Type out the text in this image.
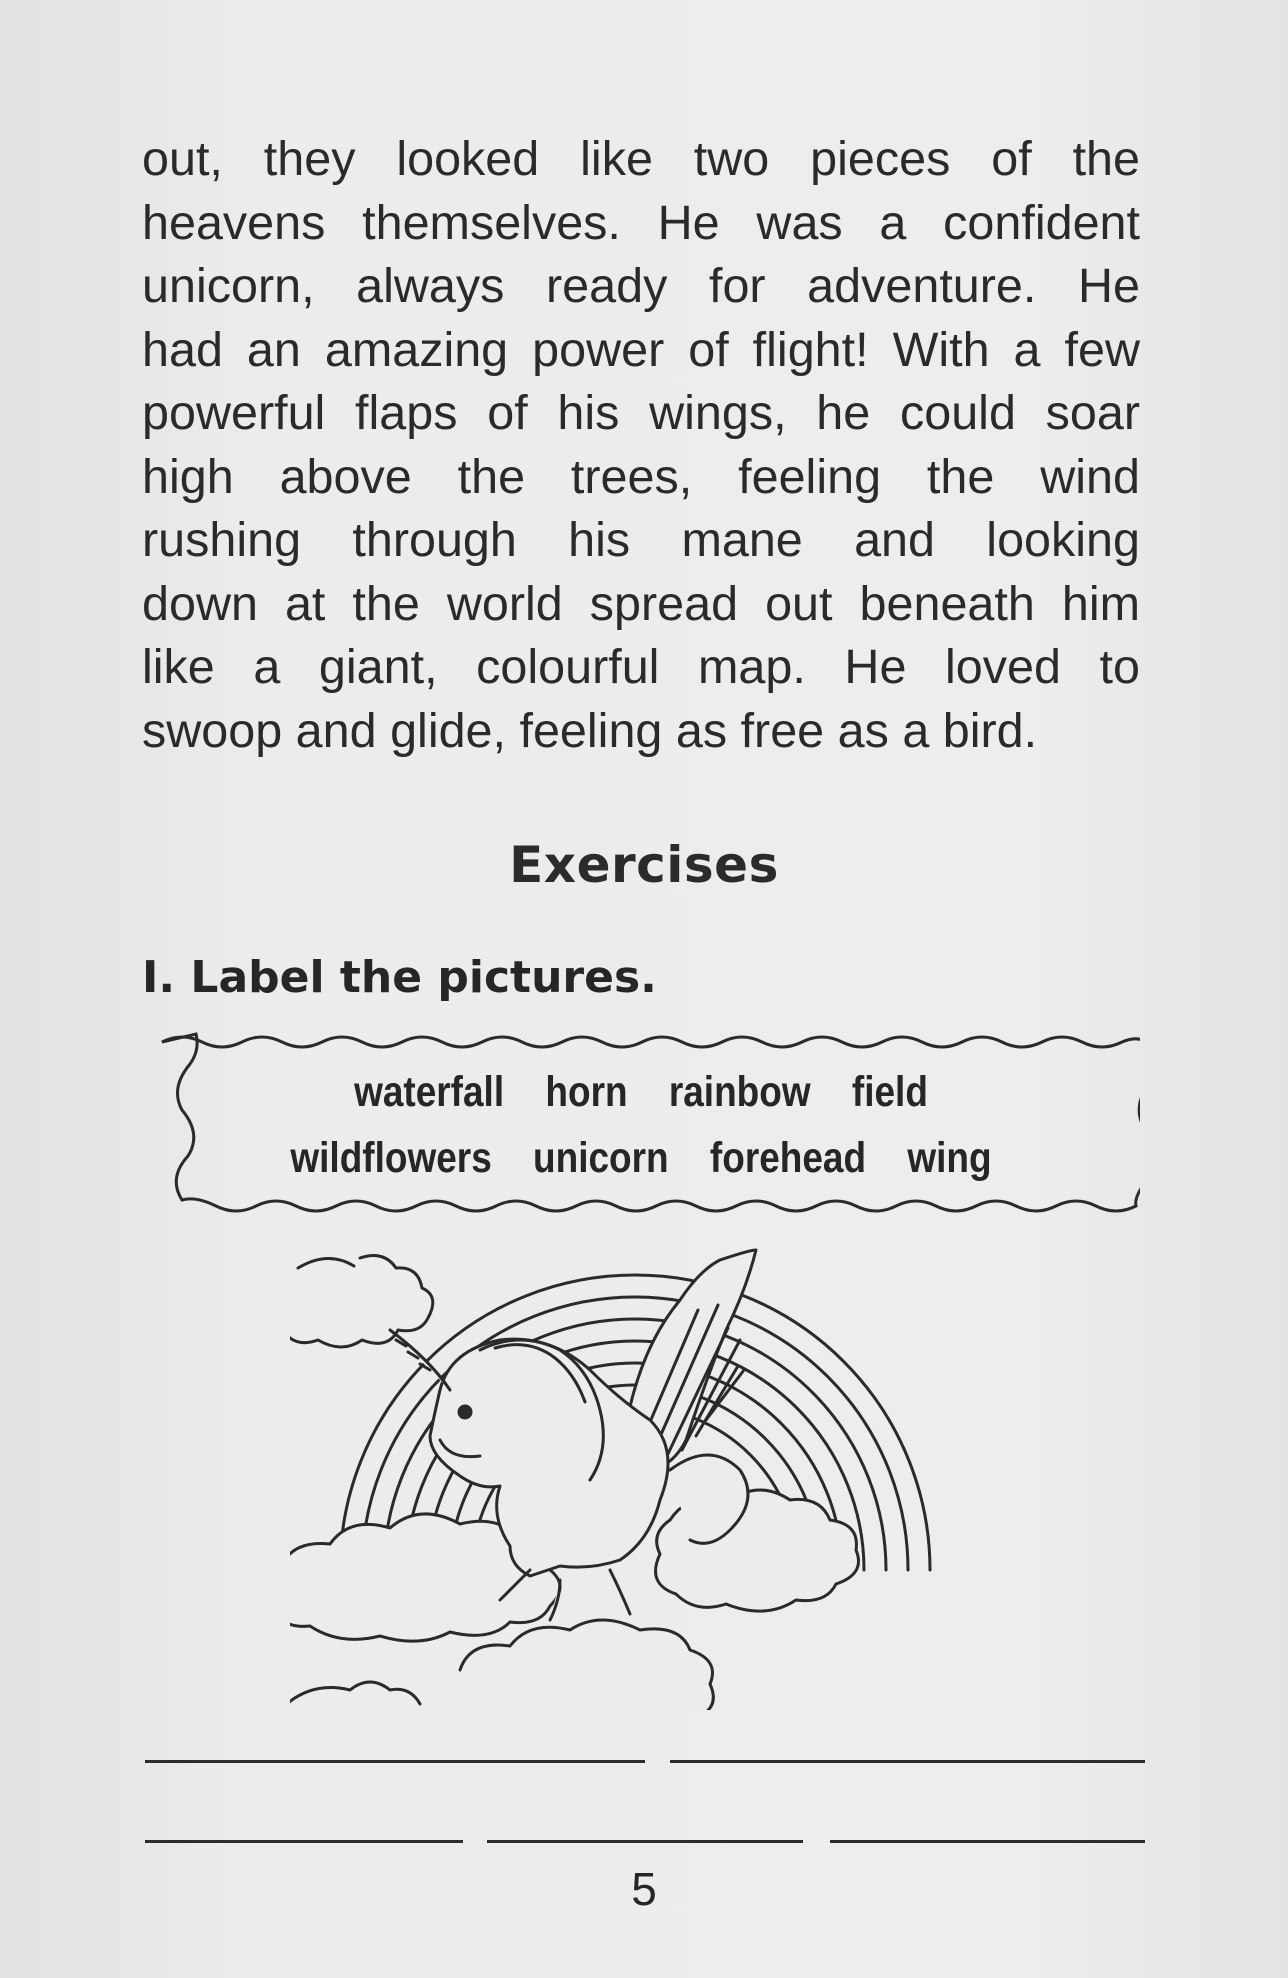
out, they looked like two pieces of the
heavens themselves. He was a confident
unicorn, always ready for adventure. He
had an amazing power of flight! With a few
powerful flaps of his wings, he could soar
high above the trees, feeling the wind
rushing through his mane and looking
down at the world spread out beneath him
like a giant, colourful map. He loved to
swoop and glide, feeling as free as a bird.
Exercises
I. Label the pictures.
waterfall horn rainbow field
wildflowers unicorn forehead wing
5
